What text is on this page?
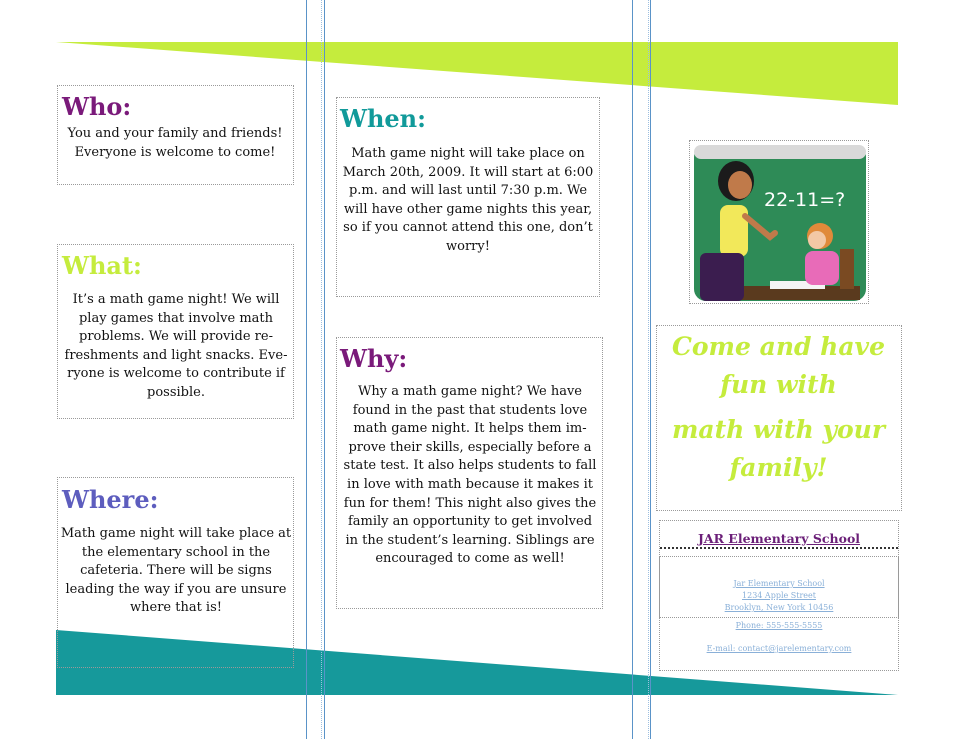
Who:
You and your family and friends! Everyone is welcome to come!
What:
It’s a math game night! We will play games that involve math problems. We will provide re-freshments and light snacks. Eve-ryone is welcome to contribute if possible.
Where:
Math game night will take place at the elementary school in the cafeteria. There will be signs leading the way if you are unsure where that is!
When:
Math game night will take place on March 20th, 2009. It will start at 6:00 p.m. and will last until 7:30 p.m. We will have other game nights this year, so if you cannot attend this one, don’t worry!
Why:
Why a math game night? We have found in the past that students love math game night. It helps them im-prove their skills, especially before a state test. It also helps students to fall in love with math because it makes it fun for them! This night also gives the family an opportunity to get involved in the student’s learning. Siblings are encouraged to come as well!
22-11=?
Come and have
fun with
math with your
family!
JAR Elementary School
Jar Elementary School
1234 Apple Street
Brooklyn, New York 10456
Phone: 555-555-5555
E-mail: contact@jarelementary.com
